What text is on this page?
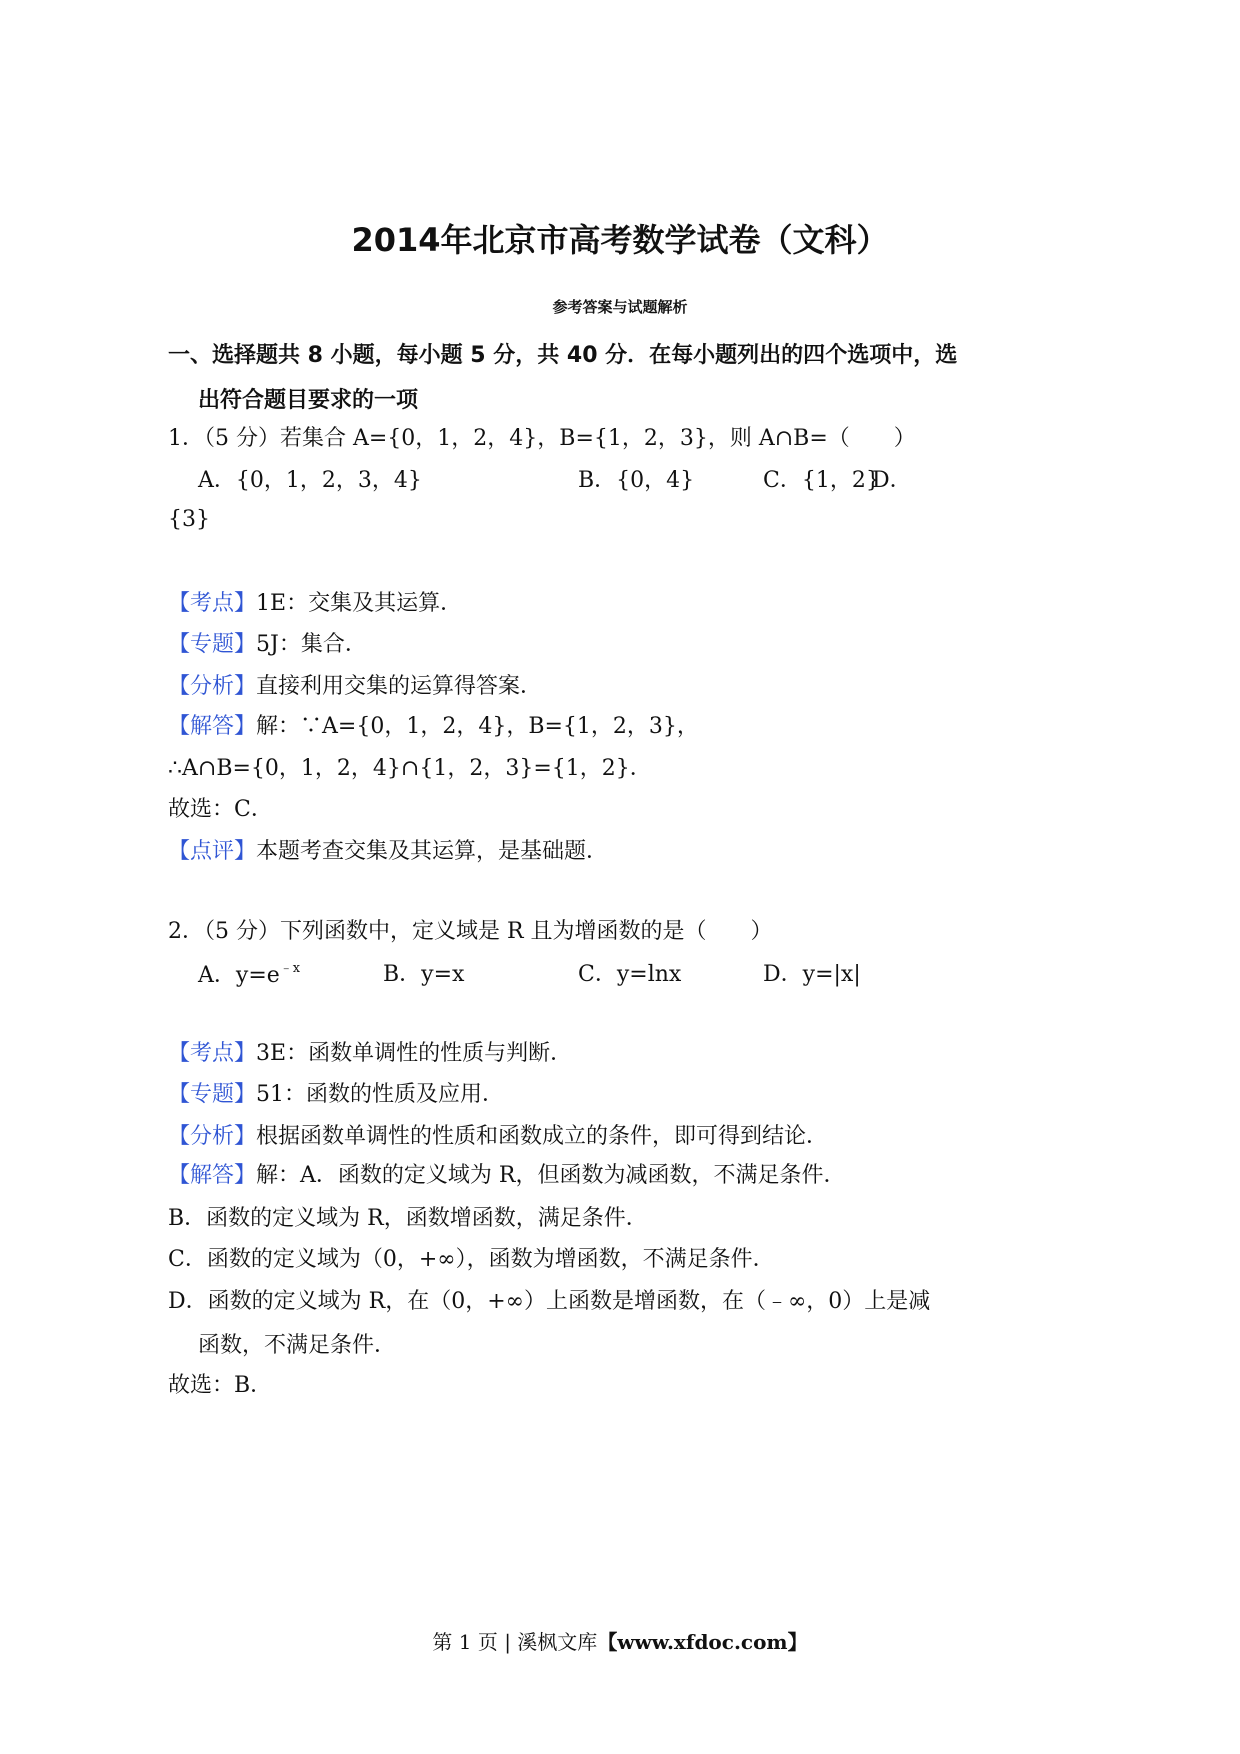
2014年北京市高考数学试卷（文科）
参考答案与试题解析
一、选择题共 8 小题，每小题 5 分，共 40 分．在每小题列出的四个选项中，选
出符合题目要求的一项
1．（5 分）若集合 A={0，1，2，4}，B={1，2，3}，则 A∩B=（　　）
A．{0，1，2，3，4}	B．{0，4}	C．{1，2}
D．
{3}
【考点】1E：交集及其运算．
【专题】5J：集合．
【分析】直接利用交集的运算得答案．
【解答】解：∵A={0，1，2，4}，B={1，2，3}，
∴A∩B={0，1，2，4}∩{1，2，3}={1，2}．
故选：C．
【点评】本题考查交集及其运算，是基础题．
2．（5 分）下列函数中，定义域是 R 且为增函数的是（　　）
A．$y=e^{﹣x}$	B．y=x	C．y=lnx	D．y=|x|
【考点】3E：函数单调性的性质与判断．
【专题】51：函数的性质及应用．
【分析】根据函数单调性的性质和函数成立的条件，即可得到结论．
【解答】解：A．函数的定义域为 R，但函数为减函数，不满足条件．
B．函数的定义域为 R，函数增函数，满足条件．
C．函数的定义域为（0，+∞），函数为增函数，不满足条件．
D．函数的定义域为 R，在（0，+∞）上函数是增函数，在（﹣∞，0）上是减
函数，不满足条件．
故选：B．
第 1 页 | 溪枫文库【www.xfdoc.com】
